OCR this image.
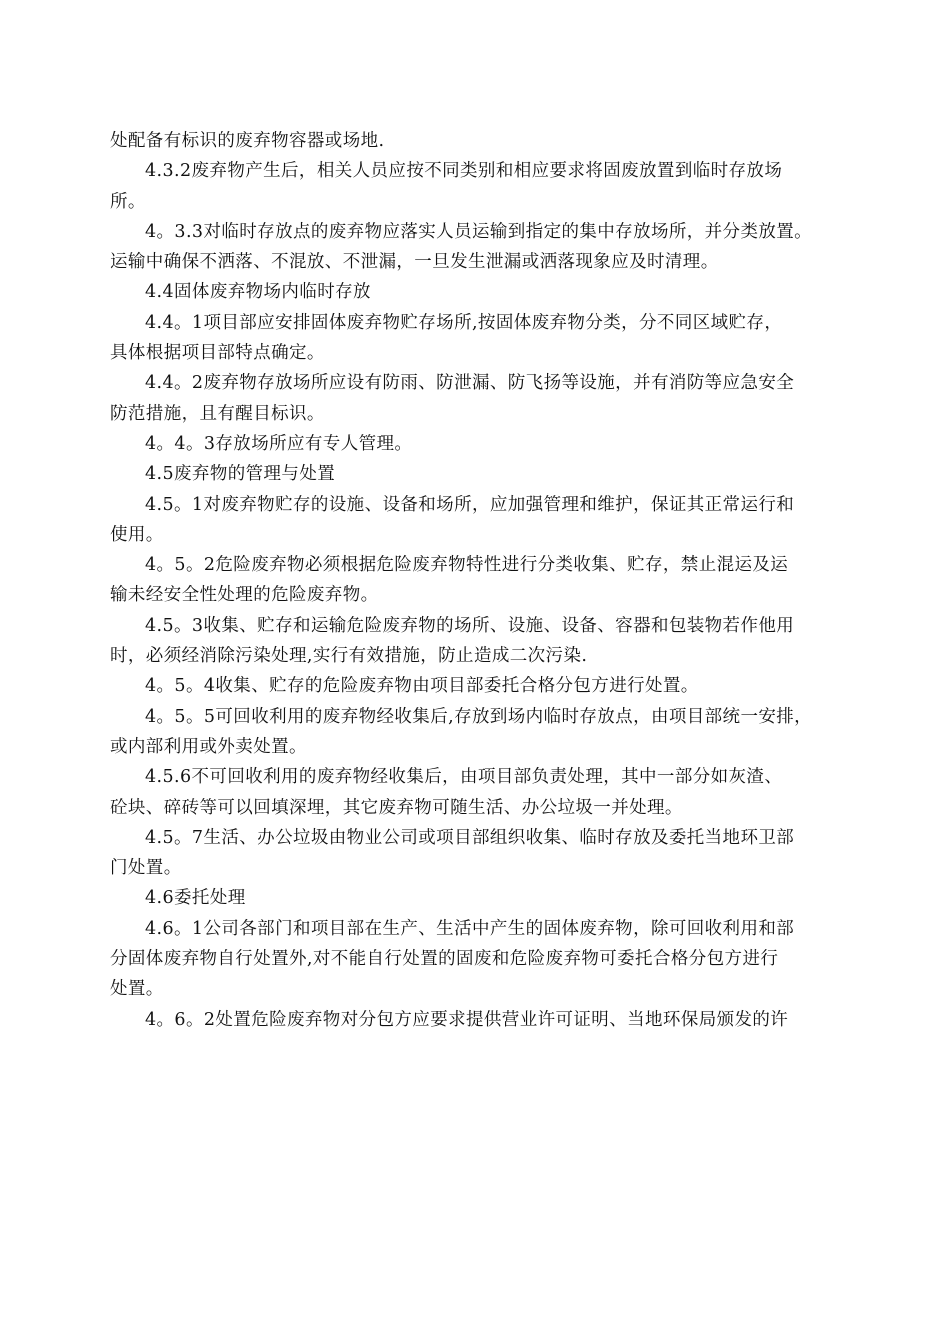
处配备有标识的废弃物容器或场地.
4.3.2废弃物产生后，相关人员应按不同类别和相应要求将固废放置到临时存放场
所。
4。3.3对临时存放点的废弃物应落实人员运输到指定的集中存放场所，并分类放置。
运输中确保不洒落、不混放、不泄漏，一旦发生泄漏或洒落现象应及时清理。
4.4固体废弃物场内临时存放
4.4。1项目部应安排固体废弃物贮存场所,按固体废弃物分类，分不同区域贮存，
具体根据项目部特点确定。
4.4。2废弃物存放场所应设有防雨、防泄漏、防飞扬等设施，并有消防等应急安全
防范措施，且有醒目标识。
4。4。3存放场所应有专人管理。
4.5废弃物的管理与处置
4.5。1对废弃物贮存的设施、设备和场所，应加强管理和维护，保证其正常运行和
使用。
4。5。2危险废弃物必须根据危险废弃物特性进行分类收集、贮存，禁止混运及运
输未经安全性处理的危险废弃物。
4.5。3收集、贮存和运输危险废弃物的场所、设施、设备、容器和包装物若作他用
时，必须经消除污染处理,实行有效措施，防止造成二次污染.
4。5。4收集、贮存的危险废弃物由项目部委托合格分包方进行处置。
4。5。5可回收利用的废弃物经收集后,存放到场内临时存放点，由项目部统一安排，
或内部利用或外卖处置。
4.5.6不可回收利用的废弃物经收集后，由项目部负责处理，其中一部分如灰渣、
砼块、碎砖等可以回填深埋，其它废弃物可随生活、办公垃圾一并处理。
4.5。7生活、办公垃圾由物业公司或项目部组织收集、临时存放及委托当地环卫部
门处置。
4.6委托处理
4.6。1公司各部门和项目部在生产、生活中产生的固体废弃物，除可回收利用和部
分固体废弃物自行处置外,对不能自行处置的固废和危险废弃物可委托合格分包方进行
处置。
4。6。2处置危险废弃物对分包方应要求提供营业许可证明、当地环保局颁发的许
